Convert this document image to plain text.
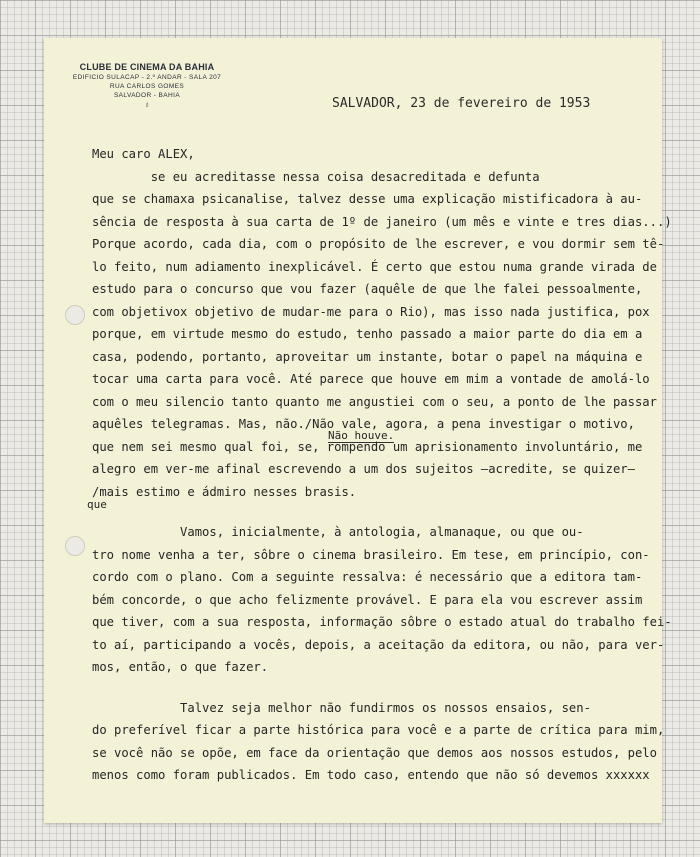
CLUBE DE CINEMA DA BAHIA
EDIFICIO SULACAP - 2.º ANDAR - SALA 207
RUA CARLOS GOMES
SALVADOR - BAHIA
♁	SALVADOR, 23 de fevereiro de 1953
Meu caro ALEX,
se eu acreditasse nessa coisa desacreditada e defunta
que se chamaxa psicanalise, talvez desse uma explicação mistificadora à au-
sência de resposta à sua carta de 1º de janeiro (um mês e vinte e tres dias...)
Porque acordo, cada dia, com o propósito de lhe escrever, e vou dormir sem tê-
lo feito, num adiamento inexplicável. É certo que estou numa grande virada de
estudo para o concurso que vou fazer (aquêle de que lhe falei pessoalmente,
com objetivox objetivo de mudar-me para o Rio), mas isso nada justifica, pox
porque, em virtude mesmo do estudo, tenho passado a maior parte do dia em a
casa, podendo, portanto, aproveitar um instante, botar o papel na máquina e
tocar uma carta para você. Até parece que houve em mim a vontade de amolá-lo
com o meu silencio tanto quanto me angustiei com o seu, a ponto de lhe passar
aquêles telegramas. Mas, não./Não vale, agora, a pena investigar o motivo,
que nem sei mesmo qual foi, se, rompendo um aprisionamento involuntário, me
alegro em ver-me afinal escrevendo a um dos sujeitos —acredite, se quizer—
/mais estimo e ádmiro nesses brasis.
Vamos, inicialmente, à antologia, almanaque, ou que ou-
tro nome venha a ter, sôbre o cinema brasileiro. Em tese, em princípio, con-
cordo com o plano. Com a seguinte ressalva: é necessário que a editora tam-
bém concorde, o que acho felizmente provável. E para ela vou escrever assim
que tiver, com a sua resposta, informação sôbre o estado atual do trabalho fei-
to aí, participando a vocês, depois, a aceitação da editora, ou não, para ver-
mos, então, o que fazer.
Talvez seja melhor não fundirmos os nossos ensaios, sen-
do preferível ficar a parte histórica para você e a parte de crítica para mim,
se você não se opõe, em face da orientação que demos aos nossos estudos, pelo
menos como foram publicados. Em todo caso, entendo que não só devemos xxxxxx
Não houve.
que
